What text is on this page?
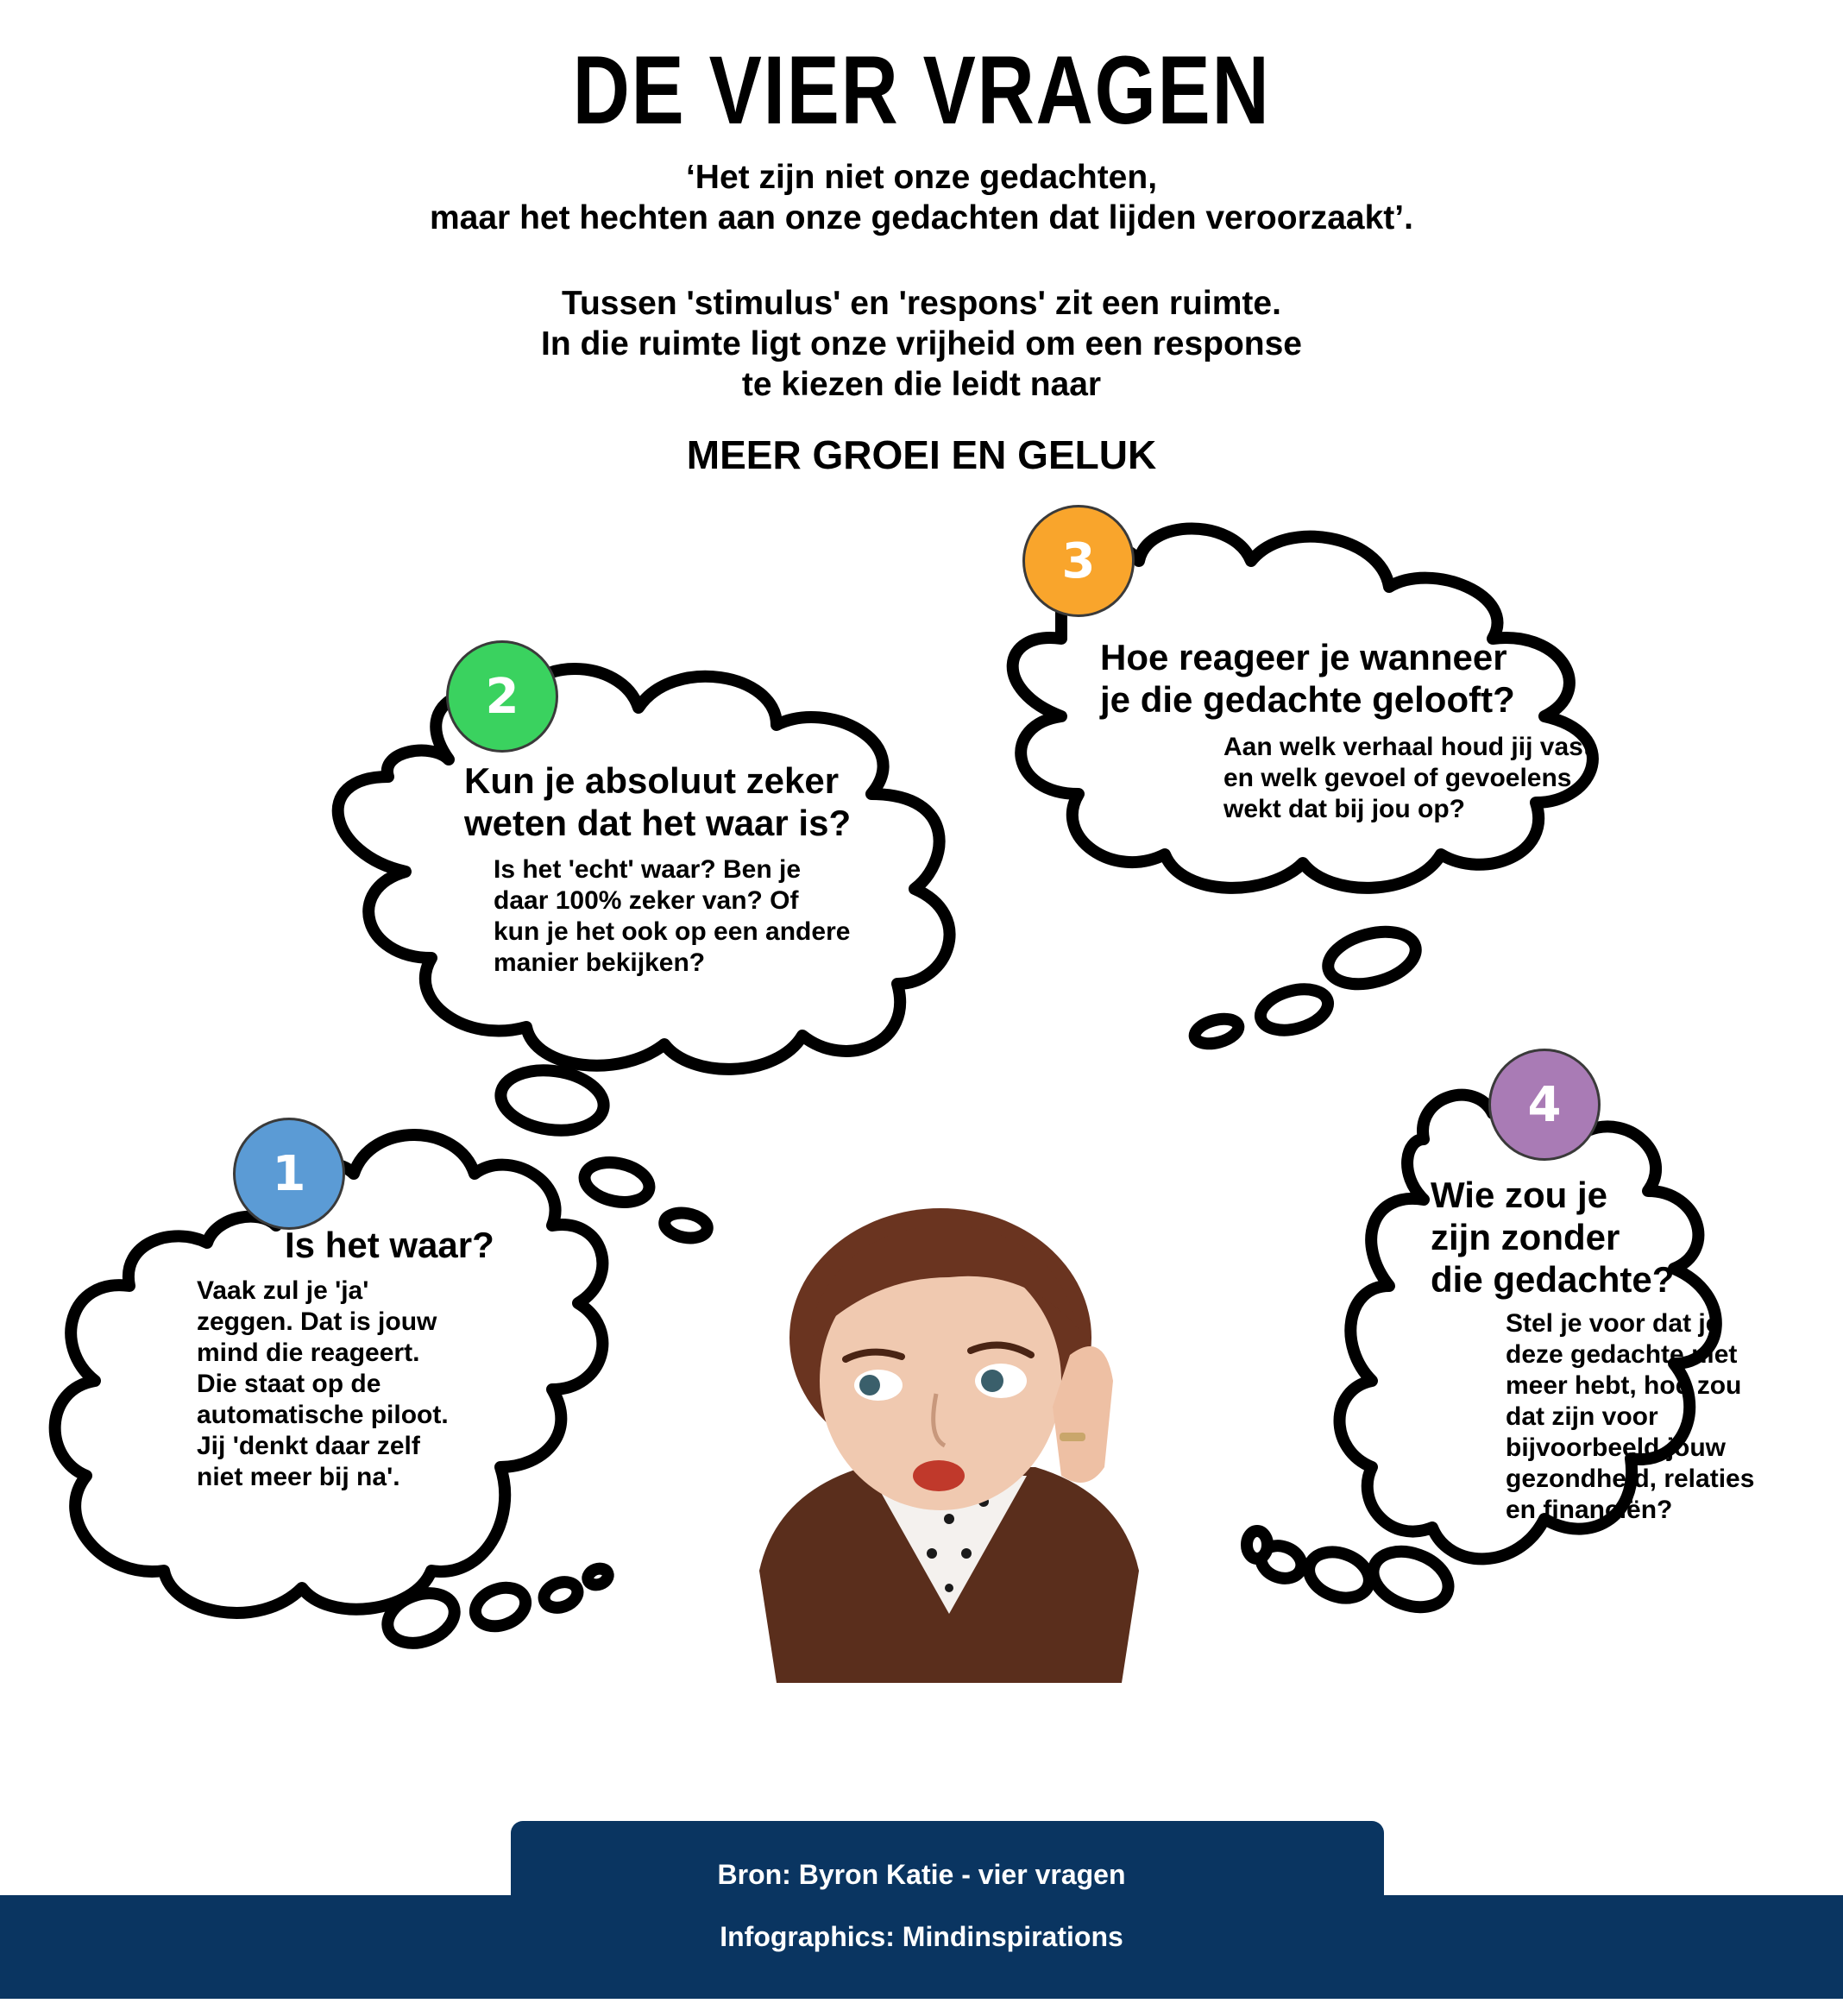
DE VIER VRAGEN
‘Het zijn niet onze gedachten,
maar het hechten aan onze gedachten dat lijden veroorzaakt’.
Tussen 'stimulus' en 'respons' zit een ruimte.
In die ruimte ligt onze vrijheid om een response
te kiezen die leidt naar
MEER GROEI EN GELUK
1
2
3
4
Is het waar?
Vaak zul je 'ja'
zeggen. Dat is jouw
mind die reageert.
Die staat op de
automatische piloot.
Jij 'denkt daar zelf
niet meer bij na'.
Kun je absoluut zeker
weten dat het waar is?
Is het 'echt' waar? Ben je
daar 100% zeker van? Of
kun je het ook op een andere
manier bekijken?
Hoe reageer je wanneer
je die gedachte gelooft?
Aan welk verhaal houd jij vast
en welk gevoel of gevoelens
wekt dat bij jou op?
Wie zou je
zijn zonder
die gedachte?
Stel je voor dat je
deze gedachte niet
meer hebt, hoe zou
dat zijn voor
bijvoorbeeld jouw
gezondheid, relaties
en financiën?
Bron: Byron Katie - vier vragen
Infographics: Mindinspirations
